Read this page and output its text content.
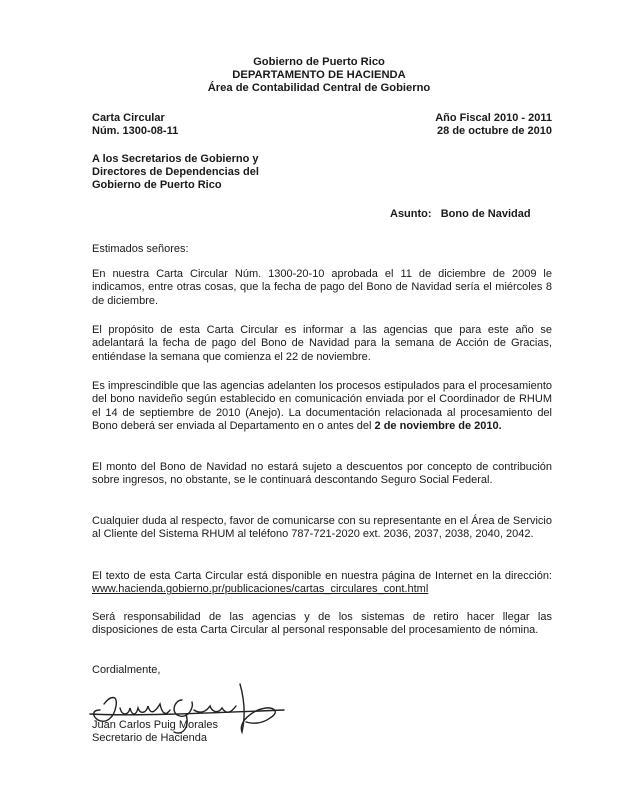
Gobierno de Puerto Rico
DEPARTAMENTO DE HACIENDA
Área de Contabilidad Central de Gobierno
Carta Circular
Núm. 1300-08-11
Año Fiscal 2010 - 2011
28 de octubre de 2010
A los Secretarios de Gobierno y
Directores de Dependencias del
Gobierno de Puerto Rico
Asunto: Bono de Navidad
Estimados señores:
En nuestra Carta Circular Núm. 1300-20-10 aprobada el 11 de diciembre de 2009 le indicamos, entre otras cosas, que la fecha de pago del Bono de Navidad sería el miércoles 8 de diciembre.
El propósito de esta Carta Circular es informar a las agencias que para este año se adelantará la fecha de pago del Bono de Navidad para la semana de Acción de Gracias, entiéndase la semana que comienza el 22 de noviembre.
Es imprescindible que las agencias adelanten los procesos estipulados para el procesamiento del bono navideño según establecido en comunicación enviada por el Coordinador de RHUM el 14 de septiembre de 2010 (Anejo). La documentación relacionada al procesamiento del Bono deberá ser enviada al Departamento en o antes del 2 de noviembre de 2010.
El monto del Bono de Navidad no estará sujeto a descuentos por concepto de contribución sobre ingresos, no obstante, se le continuará descontando Seguro Social Federal.
Cualquier duda al respecto, favor de comunicarse con su representante en el Área de Servicio al Cliente del Sistema RHUM al teléfono 787-721-2020 ext. 2036, 2037, 2038, 2040, 2042.
El texto de esta Carta Circular está disponible en nuestra página de Internet en la dirección: www.hacienda.gobierno.pr/publicaciones/cartas_circulares_cont.html
Será responsabilidad de las agencias y de los sistemas de retiro hacer llegar las disposiciones de esta Carta Circular al personal responsable del procesamiento de nómina.
Cordialmente,
Juan Carlos Puig Morales
Secretario de Hacienda
